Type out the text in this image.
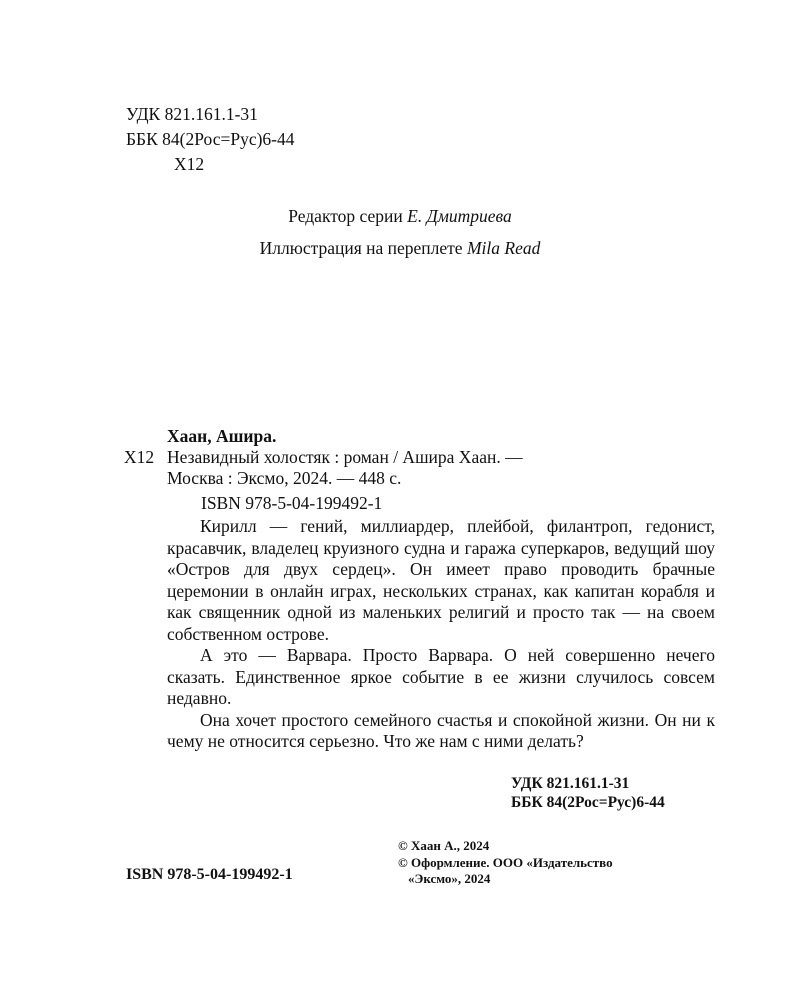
УДК 821.161.1-31
ББК 84(2Рос=Рус)6-44
Х12
Редактор серии Е. Дмитриева
Иллюстрация на переплете Mila Read
Хаан, Ашира.
Х12 Незавидный холостяк : роман / Ашира Хаан. —
Москва : Эксмо, 2024. — 448 с.
ISBN 978-5-04-199492-1

Кирилл — гений, миллиардер, плейбой, филантроп, гедонист, красавчик, владелец круизного судна и гаража суперкаров, ведущий шоу «Остров для двух сердец». Он имеет право проводить брачные церемонии в онлайн играх, нескольких странах, как капитан корабля и как священник одной из маленьких религий и просто так — на своем собственном острове.

А это — Варвара. Просто Варвара. О ней совершенно нечего сказать. Единственное яркое событие в ее жизни случилось совсем недавно.

Она хочет простого семейного счастья и спокойной жизни. Он ни к чему не относится серьезно. Что же нам с ними делать?

УДК 821.161.1-31
ББК 84(2Рос=Рус)6-44
ISBN 978-5-04-199492-1
© Хаан А., 2024
© Оформление. ООО «Издательство
«Эксмо», 2024
